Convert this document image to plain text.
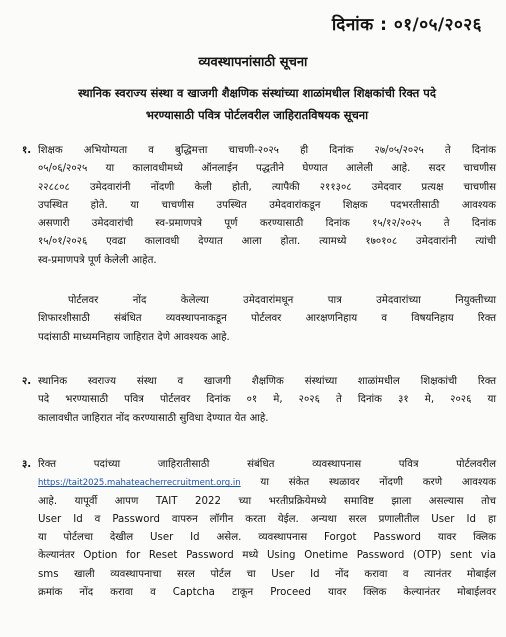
दिनांक : ०१/०५/२०२६
व्यवस्थापनांसाठी सूचना
स्थानिक स्वराज्य संस्था व खाजगी शैक्षणिक संस्थांच्या शाळांमधील शिक्षकांची रिक्त पदे
भरण्यासाठी पवित्र पोर्टलवरील जाहिरातविषयक सूचना
१. शिक्षक अभियोग्यता व बुद्धिमत्ता चाचणी-२०२५ ही दिनांक २७/०५/२०२५ ते दिनांक
०५/०६/२०२५ या कालावधीमध्ये ऑनलाईन पद्धतीने घेण्यात आलेली आहे. सदर चाचणीस
२२८८०८ उमेदवारांनी नोंदणी केली होती, त्यापैकी २११३०८ उमेदवार प्रत्यक्ष चाचणीस
उपस्थित होते. या चाचणीस उपस्थित उमेदवारांकडून शिक्षक पदभरतीसाठी आवश्यक
असणारी उमेदवारांची स्व-प्रमाणपत्रे पूर्ण करण्यासाठी दिनांक १५/१२/२०२५ ते दिनांक
१५/०१/२०२६ एवढा कालावधी देण्यात आला होता. त्यामध्ये १७०१०८ उमेदवारांनी त्यांची
स्व-प्रमाणपत्रे पूर्ण केलेली आहेत.
पोर्टलवर नोंद केलेल्या उमेदवारांमधून पात्र उमेदवारांच्या नियुक्तीच्या
शिफारशीसाठी संबंधित व्यवस्थापनाकडून पोर्टलवर आरक्षणनिहाय व विषयनिहाय रिक्त
पदांसाठी माध्यमनिहाय जाहिरात देणे आवश्यक आहे.
२. स्थानिक स्वराज्य संस्था व खाजगी शैक्षणिक संस्थांच्या शाळांमधील शिक्षकांची रिक्त
पदे भरण्यासाठी पवित्र पोर्टलवर दिनांक ०१ मे, २०२६ ते दिनांक ३१ मे, २०२६ या
कालावधीत जाहिरात नोंद करण्यासाठी सुविधा देण्यात येत आहे.
३. रिक्त पदांच्या जाहिरातीसाठी संबंधित व्यवस्थापनास पवित्र पोर्टलवरील
https://tait2025.mahateacherrecruitment.org.in या संकेत स्थळावर नोंदणी करणे आवश्यक
आहे. यापूर्वी आपण TAIT 2022 च्या भरतीप्रक्रियेमध्ये समाविष्ट झाला असल्यास तोच
User Id व Password वापरुन लॉगीन करता येईल. अन्यथा सरल प्रणालीतील User Id हा
या पोर्टलचा देखील User Id असेल. व्यवस्थापनास Forgot Password यावर क्लिक
केल्यानंतर Option for Reset Password मध्ये Using Onetime Password (OTP) sent via
sms खाली व्यवस्थापनाचा सरल पोर्टल चा User Id नोंद करावा व त्यानंतर मोबाईल
क्रमांक नोंद करावा व Captcha टाकून Proceed यावर क्लिक केल्यानंतर मोबाईलवर
